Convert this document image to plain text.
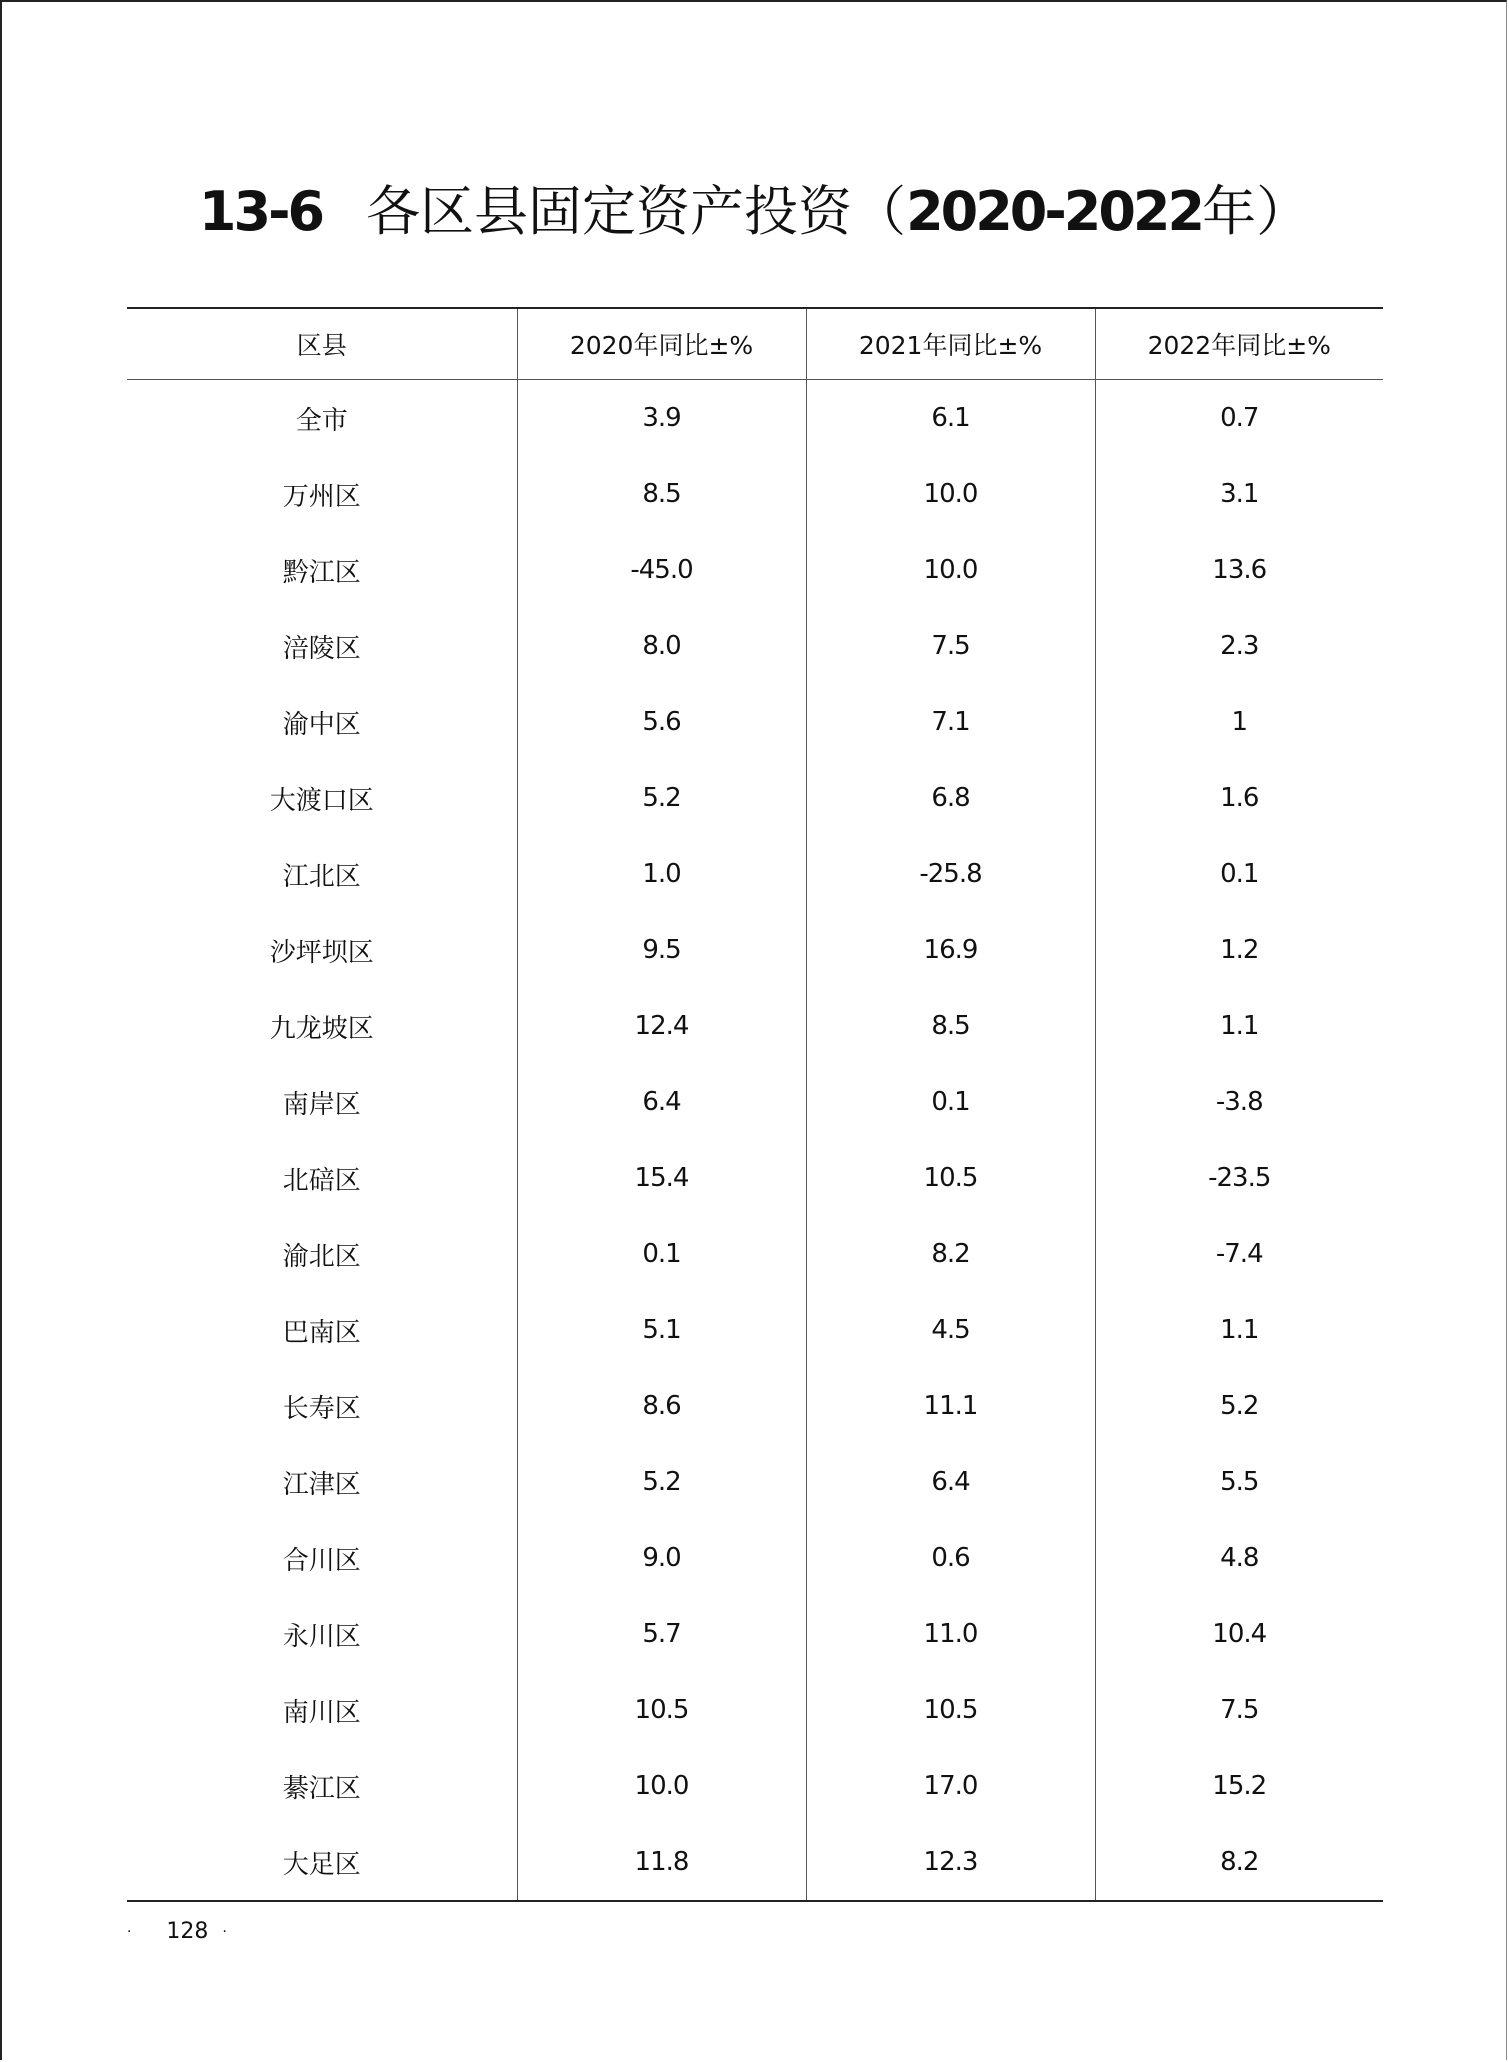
13-6 各区县固定资产投资（2020-2022年）
区县	2020年同比±%	2021年同比±%	2022年同比±%
全市	3.9	6.1	0.7
万州区	8.5	10.0	3.1
黔江区	-45.0	10.0	13.6
涪陵区	8.0	7.5	2.3
渝中区	5.6	7.1	1
大渡口区	5.2	6.8	1.6
江北区	1.0	-25.8	0.1
沙坪坝区	9.5	16.9	1.2
九龙坡区	12.4	8.5	1.1
南岸区	6.4	0.1	-3.8
北碚区	15.4	10.5	-23.5
渝北区	0.1	8.2	-7.4
巴南区	5.1	4.5	1.1
长寿区	8.6	11.1	5.2
江津区	5.2	6.4	5.5
合川区	9.0	0.6	4.8
永川区	5.7	11.0	10.4
南川区	10.5	10.5	7.5
綦江区	10.0	17.0	15.2
大足区	11.8	12.3	8.2
· 128 ·
